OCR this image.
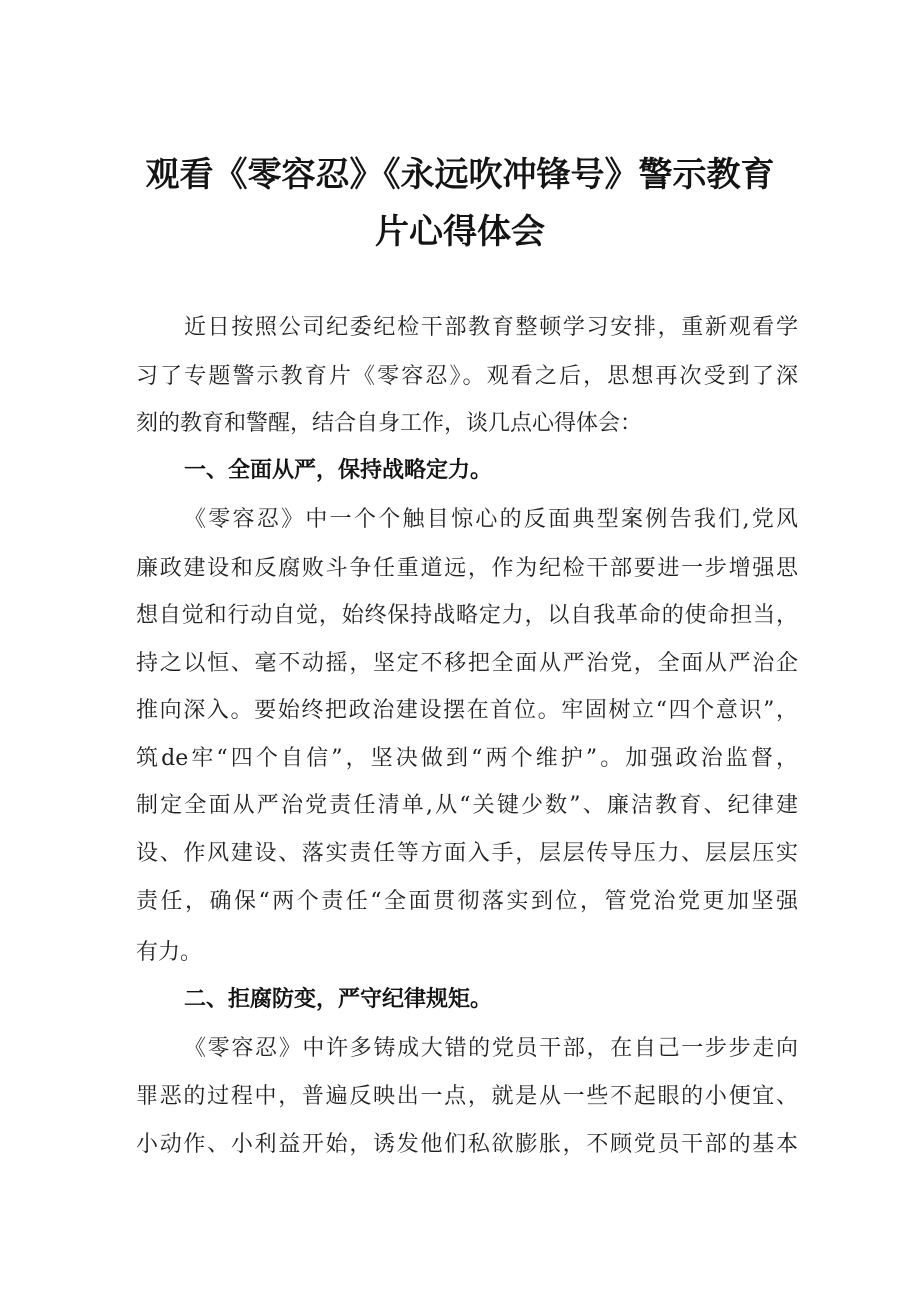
观看《零容忍》《永远吹冲锋号》警示教育
片心得体会
近日按照公司纪委纪检干部教育整顿学习安排，重新观看学
习了专题警示教育片《零容忍》。观看之后，思想再次受到了深
刻的教育和警醒，结合自身工作，谈几点心得体会：
一、全面从严，保持战略定力。
《零容忍》中一个个触目惊心的反面典型案例告我们,党风
廉政建设和反腐败斗争任重道远，作为纪检干部要进一步增强思
想自觉和行动自觉，始终保持战略定力，以自我革命的使命担当，
持之以恒、毫不动摇，坚定不移把全面从严治党，全面从严治企
推向深入。要始终把政治建设摆在首位。牢固树立“四个意识”，
筑de牢“四个自信”，坚决做到“两个维护”。加强政治监督，
制定全面从严治党责任清单,从“关键少数”、廉洁教育、纪律建
设、作风建设、落实责任等方面入手，层层传导压力、层层压实
责任，确保“两个责任“全面贯彻落实到位，管党治党更加坚强
有力。
二、拒腐防变，严守纪律规矩。
《零容忍》中许多铸成大错的党员干部，在自己一步步走向
罪恶的过程中，普遍反映出一点，就是从一些不起眼的小便宜、
小动作、小利益开始，诱发他们私欲膨胀，不顾党员干部的基本
